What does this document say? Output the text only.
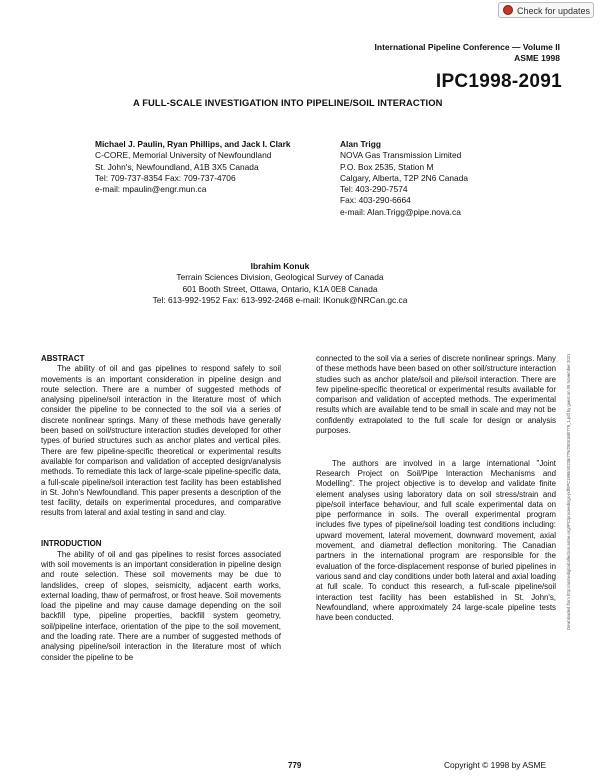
Check for updates
International Pipeline Conference — Volume II
ASME 1998
IPC1998-2091
A FULL-SCALE INVESTIGATION INTO PIPELINE/SOIL INTERACTION
Michael J. Paulin, Ryan Phillips, and Jack I. Clark
C-CORE, Memorial University of Newfoundland
St. John's, Newfoundland, A1B 3X5 Canada
Tel: 709-737-8354 Fax: 709-737-4706
e-mail: mpaulin@engr.mun.ca
Alan Trigg
NOVA Gas Transmission Limited
P.O. Box 2535, Station M
Calgary, Alberta, T2P 2N6 Canada
Tel: 403-290-7574
Fax: 403-290-6664
e-mail: Alan.Trigg@pipe.nova.ca
Ibrahim Konuk
Terrain Sciences Division, Geological Survey of Canada
601 Booth Street, Ottawa, Ontario, K1A 0E8 Canada
Tel: 613-992-1952 Fax: 613-992-2468 e-mail: IKonuk@NRCan.gc.ca
Downloaded from http://asmedigitalcollection.asme.org/IPC/proceedings-pdf/IPC1998/40238/779/2505188/779_1.pdf by guest on 05 November 2021
ABSTRACT

The ability of oil and gas pipelines to respond safely to soil movements is an important consideration in pipeline design and route selection. There are a number of suggested methods of analysing pipeline/soil interaction in the literature most of which consider the pipeline to be connected to the soil via a series of discrete nonlinear springs. Many of these methods have generally been based on soil/structure interaction studies developed for other types of buried structures such as anchor plates and vertical piles. There are few pipeline-specific theoretical or experimental results available for comparison and validation of accepted design/analysis methods. To remediate this lack of large-scale pipeline-specific data, a full-scale pipeline/soil interaction test facility has been established in St. John's Newfoundland. This paper presents a description of the test facility, details on experimental procedures, and comparative results from lateral and axial testing in sand and clay.

INTRODUCTION

The ability of oil and gas pipelines to resist forces associated with soil movements is an important consideration in pipeline design and route selection. These soil movements may be due to landslides, creep of slopes, seismicity, adjacent earth works, external loading, thaw of permafrost, or frost heave. Soil movements load the pipeline and may cause damage depending on the soil backfill type, pipeline properties, backfill system geometry, soil/pipeline interface, orientation of the pipe to the soil movement, and the loading rate. There are a number of suggested methods of analysing pipeline/soil interaction in the literature most of which consider the pipeline to be

connected to the soil via a series of discrete nonlinear springs. Many of these methods have been based on other soil/structure interaction studies such as anchor plate/soil and pile/soil interaction. There are few pipeline-specific theoretical or experimental results available for comparison and validation of accepted methods. The experimental results which are available tend to be small in scale and may not be confidently extrapolated to the full scale for design or analysis purposes.

The authors are involved in a large international "Joint Research Project on Soil/Pipe Interaction Mechanisms and Modelling". The project objective is to develop and validate finite element analyses using laboratory data on soil stress/strain and pipe/soil interface behaviour, and full scale experimental data on pipe performance in soils. The overall experimental program includes five types of pipeline/soil loading test conditions including: upward movement, lateral movement, downward movement, axial movement, and diametral deflection monitoring. The Canadian partners in the international program are responsible for the evaluation of the force-displacement response of buried pipelines in various sand and clay conditions under both lateral and axial loading at full scale. To conduct this research, a full-scale pipeline/soil interaction test facility has been established in St. John's, Newfoundland, where approximately 24 large-scale pipeline tests have been conducted.

779	Copyright © 1998 by ASME
